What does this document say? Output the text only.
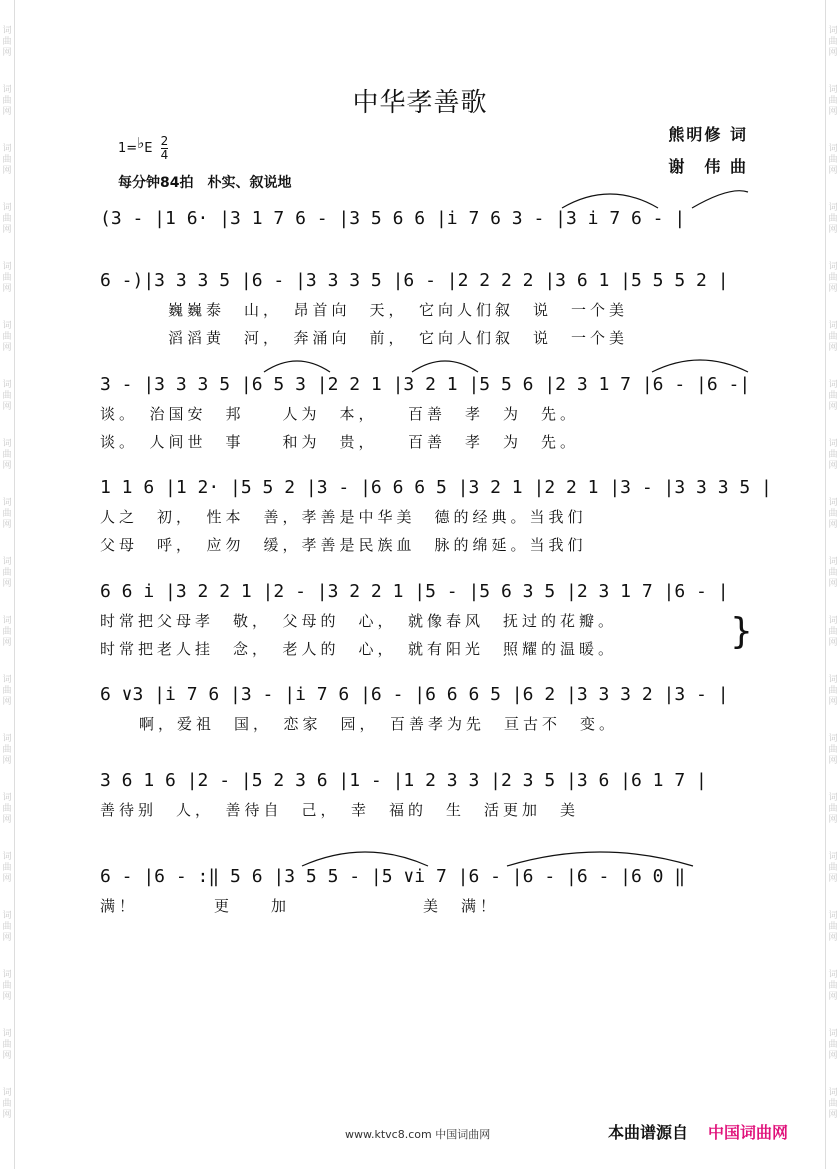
词
曲
网
词
曲
网
词
曲
网
词
曲
网
词
曲
网
词
曲
网
词
曲
网
词
曲
网
词
曲
网
词
曲
网
词
曲
网
词
曲
网
词
曲
网
词
曲
网
词
曲
网
词
曲
网
词
曲
网
词
曲
网
词
曲
网
词
曲
网
词
曲
网
词
曲
网
词
曲
网
词
曲
网
词
曲
网
词
曲
网
词
曲
网
词
曲
网
词
曲
网
词
曲
网
词
曲
网
词
曲
网
词
曲
网
词
曲
网
词
曲
网
词
曲
网
词
曲
网
词
曲
网
中华孝善歌
1=♭E $\frac{2}{4}$
每分钟84拍　朴实、叙说地
熊明修 词
谢　伟 曲
(3 - |1 6· |3 1 7 6 - |3 5 6 6 |i 7 6 3 - |3 i 7 6 - |
6 -)|3 3 3 5 |6 - |3 3 3 5 |6 - |2 2 2 2 |3 6 1 |5 5 5 2 |
巍巍泰　山，　昂首向　天，　它向人们叙　说　一个美
滔滔黄　河，　奔涌向　前，　它向人们叙　说　一个美
3 - |3 3 3 5 |6 5 3 |2 2 1 |3 2 1 |5 5 6 |2 3 1 7 |6 - |6 -|
谈。　治国安　邦　　人为　本，　　百善　孝　为　先。
谈。　人间世　事　　和为　贵，　　百善　孝　为　先。
1 1 6 |1 2· |5 5 2 |3 - |6 6 6 5 |3 2 1 |2 2 1 |3 - |3 3 3 5 |
人之　初，　性本　善，孝善是中华美　德的经典。当我们
父母　呼，　应勿　缓，孝善是民族血　脉的绵延。当我们
6 6 i |3 2 2 1 |2 - |3 2 2 1 |5 - |5 6 3 5 |2 3 1 7 |6 - |
时常把父母孝　敬，　父母的　心，　就像春风　抚过的花瓣。
时常把老人挂　念，　老人的　心，　就有阳光　照耀的温暖。	}
6 ∨3 |i 7 6 |3 - |i 7 6 |6 - |6 6 6 5 |6 2 |3 3 3 2 |3 - |
　啊，爱祖　国，　恋家　园，　百善孝为先　亘古不　变。
3 6 1 6 |2 - |5 2 3 6 |1 - |1 2 3 3 |2 3 5 |3 6 |6 1 7 |
善待别　人，　善待自　己，　幸　福的　生　活更加　美
6 - |6 - :‖ 5 6 |3 5 5 - |5 ∨i 7 |6 - |6 - |6 - |6 0 ‖
满！　　　　更　　加　　　　　　　美　满！
www.ktvc8.com 中国词曲网	本曲谱源自 中国词曲网
